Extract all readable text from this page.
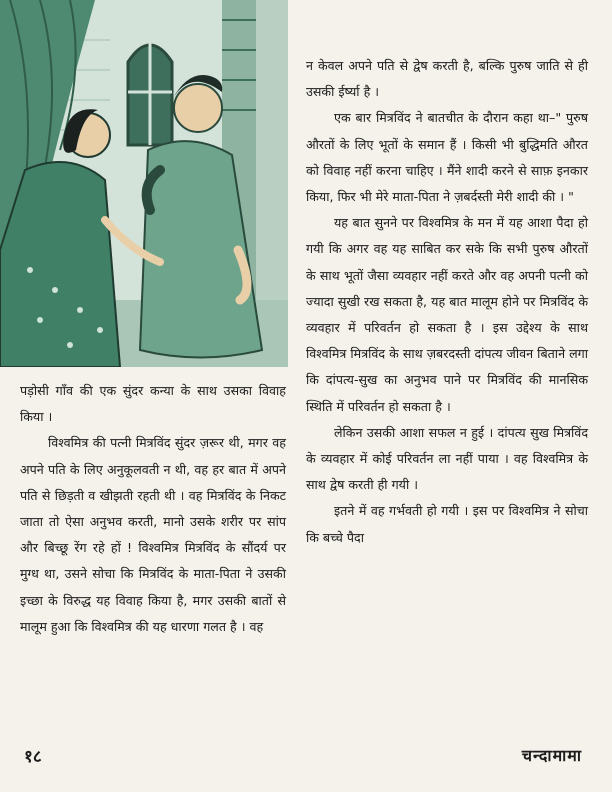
न केवल अपने पति से द्वेष करती है, बल्कि पुरुष जाति से ही उसकी ईर्ष्या है ।

एक बार मित्रविंद ने बातचीत के दौरान कहा था–" पुरुष औरतों के लिए भूतों के समान हैं । किसी भी बुद्धिमति औरत को विवाह नहीं करना चाहिए । मैंने शादी करने से साफ़ इनकार किया, फिर भी मेरे माता-पिता ने ज़बर्दस्ती मेरी शादी की । "

यह बात सुनने पर विश्वमित्र के मन में यह आशा पैदा हो गयी कि अगर वह यह साबित कर सके कि सभी पुरुष औरतों के साथ भूतों जैसा व्यवहार नहीं करते और वह अपनी पत्नी को ज्यादा सुखी रख सकता है, यह बात मालूम होने पर मित्रविंद के व्यवहार में परिवर्तन हो सकता है । इस उद्देश्य के साथ विश्वमित्र मित्रविंद के साथ ज़बरदस्ती दांपत्य जीवन बिताने लगा कि दांपत्य-सुख का अनुभव पाने पर मित्रविंद की मानसिक स्थिति में परिवर्तन हो सकता है ।

लेकिन उसकी आशा सफल न हुई । दांपत्य सुख मित्रविंद के व्यवहार में कोई परिवर्तन ला नहीं पाया । वह विश्वमित्र के साथ द्वेष करती ही गयी ।

इतने में वह गर्भवती हो गयी । इस पर विश्वमित्र ने सोचा कि बच्चे पैदा

पड़ोसी गाँव की एक सुंदर कन्या के साथ उसका विवाह किया ।

विश्वमित्र की पत्नी मित्रविंद सुंदर ज़रूर थी, मगर वह अपने पति के लिए अनुकूलवती न थी, वह हर बात में अपने पति से छिड़ती व खीझती रहती थी । वह मित्रविंद के निकट जाता तो ऐसा अनुभव करती, मानो उसके शरीर पर सांप और बिच्छू रेंग रहे हों ! विश्वमित्र मित्रविंद के सौंदर्य पर मुग्ध था, उसने सोचा कि मित्रविंद के माता-पिता ने उसकी इच्छा के विरुद्ध यह विवाह किया है, मगर उसकी बातों से मालूम हुआ कि विश्वमित्र की यह धारणा गलत है । वह

१८	चन्दामामा
